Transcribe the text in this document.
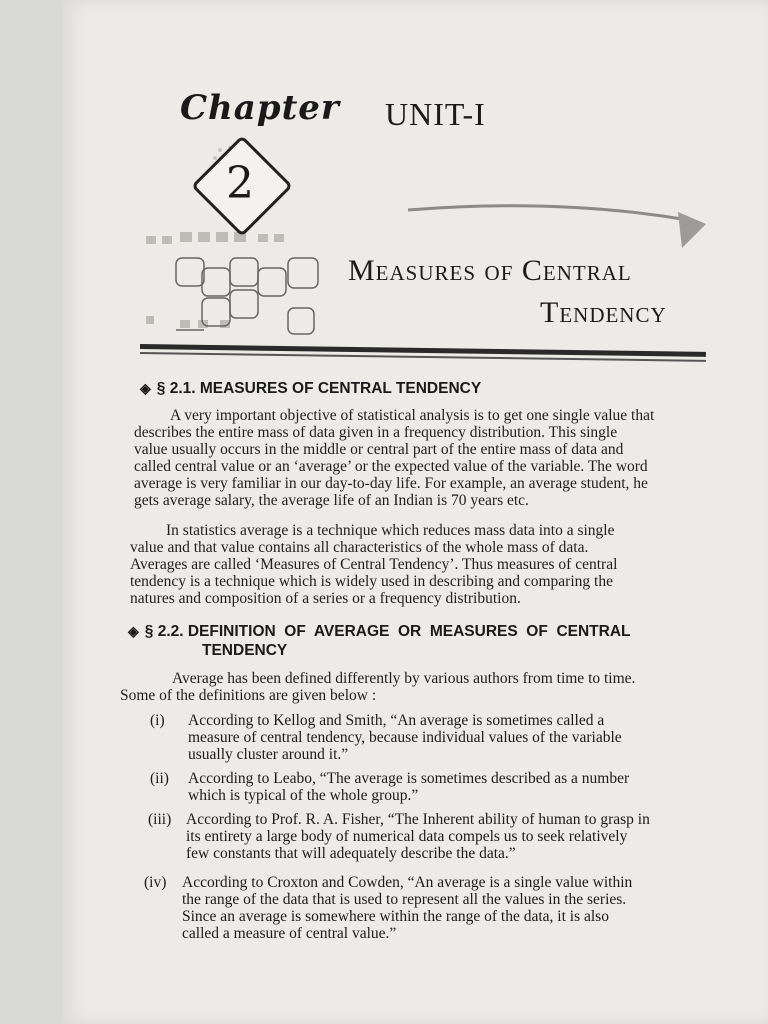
Chapter UNIT-I
2
Measures of Central
Tendency
◈ § 2.1. MEASURES OF CENTRAL TENDENCY
A very important objective of statistical analysis is to get one single value that
describes the entire mass of data given in a frequency distribution. This single
value usually occurs in the middle or central part of the entire mass of data and
called central value or an ‘average’ or the expected value of the variable. The word
average is very familiar in our day-to-day life. For example, an average student, he
gets average salary, the average life of an Indian is 70 years etc.
In statistics average is a technique which reduces mass data into a single
value and that value contains all characteristics of the whole mass of data.
Averages are called ‘Measures of Central Tendency’. Thus measures of central
tendency is a technique which is widely used in describing and comparing the
natures and composition of a series or a frequency distribution.
◈ § 2.2. DEFINITION  OF  AVERAGE  OR  MEASURES  OF  CENTRAL
TENDENCY
Average has been defined differently by various authors from time to time.
Some of the definitions are given below :
(i)	According to Kellog and Smith, “An average is sometimes called a
measure of central tendency, because individual values of the variable
usually cluster around it.”
(ii)	According to Leabo, “The average is sometimes described as a number
which is typical of the whole group.”
(iii) According to Prof. R. A. Fisher, “The Inherent ability of human to grasp in
its entirety a large body of numerical data compels us to seek relatively
few constants that will adequately describe the data.”
(iv)	According to Croxton and Cowden, “An average is a single value within
the range of the data that is used to represent all the values in the series.
Since an average is somewhere within the range of the data, it is also
called a measure of central value.”
